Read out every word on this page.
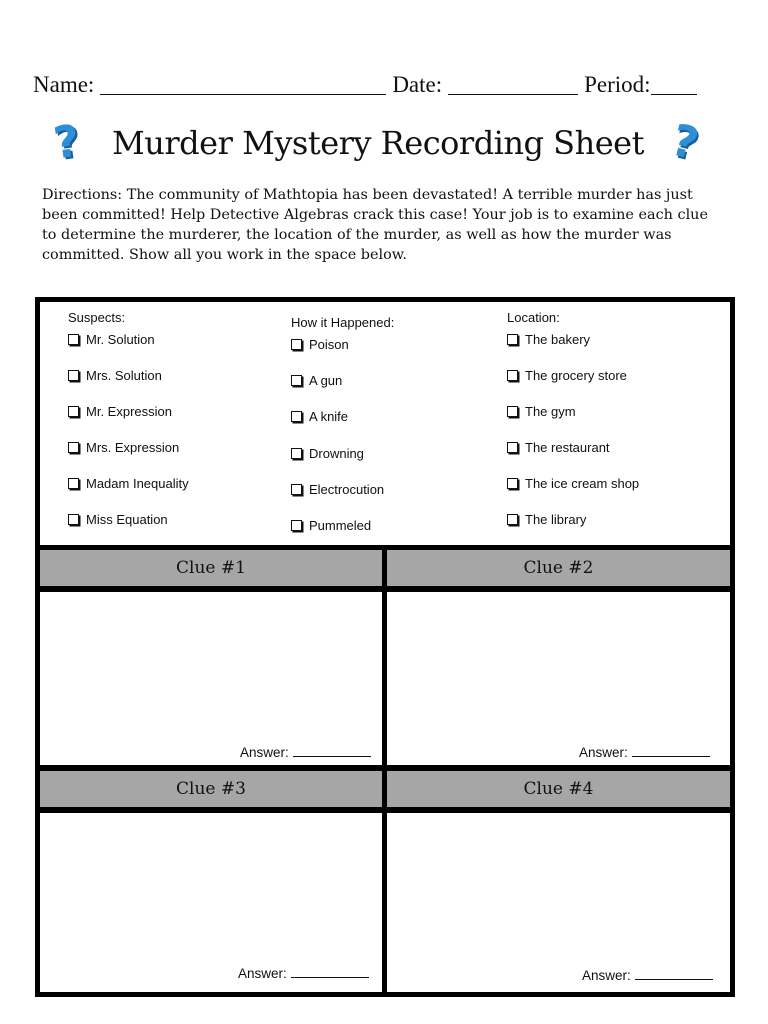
Name:	Date:	Period:
? Murder Mystery Recording Sheet ?
Directions: The community of Mathtopia has been devastated! A terrible murder has just been committed! Help Detective Algebras crack this case! Your job is to examine each clue to determine the murderer, the location of the murder, as well as how the murder was committed. Show all you work in the space below.
Suspects:
Mr. Solution
Mrs. Solution
Mr. Expression
Mrs. Expression
Madam Inequality
Miss Equation
How it Happened:
Poison
A gun
A knife
Drowning
Electrocution
Pummeled
Location:
The bakery
The grocery store
The gym
The restaurant
The ice cream shop
The library
Clue #1	Clue #2
Answer:	Answer:
Clue #3	Clue #4
Answer:	Answer:
